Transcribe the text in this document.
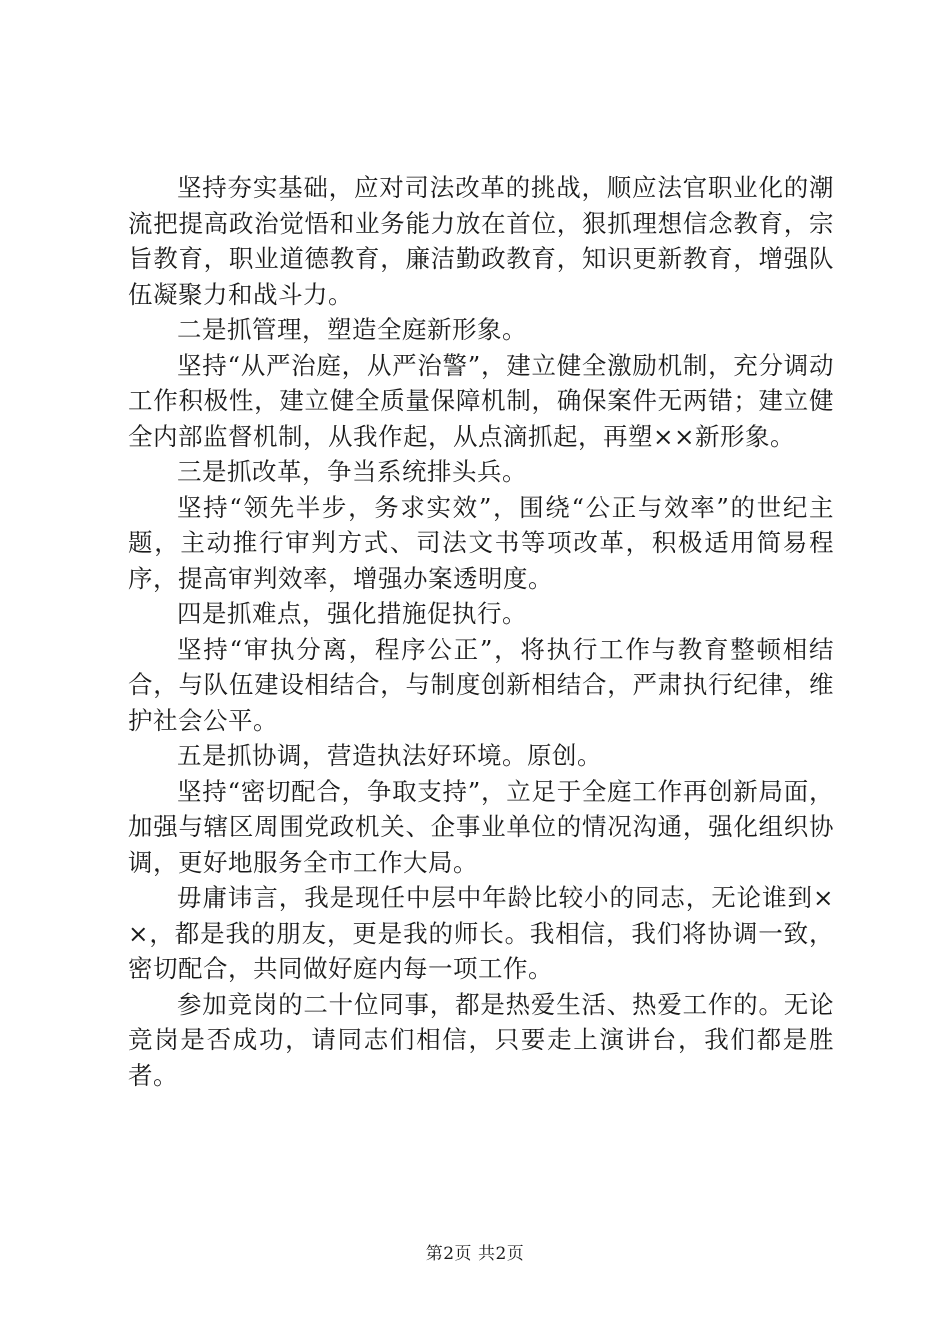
坚持夯实基础，应对司法改革的挑战，顺应法官职业化的潮流把提高政治觉悟和业务能力放在首位，狠抓理想信念教育，宗旨教育，职业道德教育，廉洁勤政教育，知识更新教育，增强队伍凝聚力和战斗力。

二是抓管理，塑造全庭新形象。

坚持“从严治庭，从严治警”，建立健全激励机制，充分调动工作积极性，建立健全质量保障机制，确保案件无两错；建立健全内部监督机制，从我作起，从点滴抓起，再塑××新形象。

三是抓改革，争当系统排头兵。

坚持“领先半步，务求实效”，围绕“公正与效率”的世纪主题，主动推行审判方式、司法文书等项改革，积极适用简易程序，提高审判效率，增强办案透明度。

四是抓难点，强化措施促执行。

坚持“审执分离，程序公正”，将执行工作与教育整顿相结合，与队伍建设相结合，与制度创新相结合，严肃执行纪律，维护社会公平。

五是抓协调，营造执法好环境。原创。

坚持“密切配合，争取支持”，立足于全庭工作再创新局面，加强与辖区周围党政机关、企事业单位的情况沟通，强化组织协调，更好地服务全市工作大局。

毋庸讳言，我是现任中层中年龄比较小的同志，无论谁到××，都是我的朋友，更是我的师长。我相信，我们将协调一致，密切配合，共同做好庭内每一项工作。

参加竞岗的二十位同事，都是热爱生活、热爱工作的。无论竞岗是否成功，请同志们相信，只要走上演讲台，我们都是胜者。

第2页 共2页
